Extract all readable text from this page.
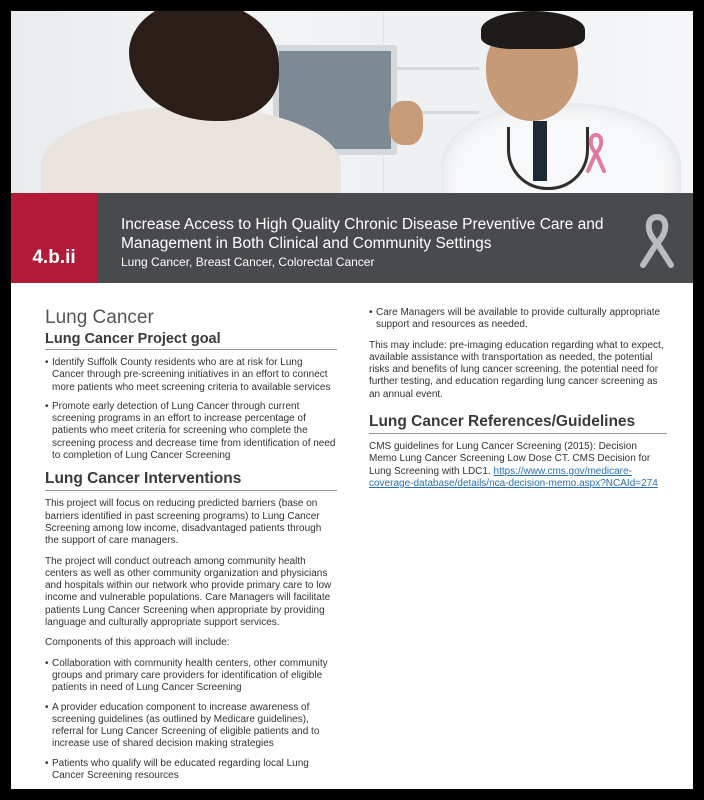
4.b.ii
Increase Access to High Quality Chronic Disease Preventive Care and Management in Both Clinical and Community Settings
Lung Cancer, Breast Cancer, Colorectal Cancer
Lung Cancer
Lung Cancer Project goal
• Identify Suffolk County residents who are at risk for Lung Cancer through pre-screening initiatives in an effort to connect more patients who meet screening criteria to available services
• Promote early detection of Lung Cancer through current screening programs in an effort to increase percentage of patients who meet criteria for screening who complete the screening process and decrease time from identification of need to completion of Lung Cancer Screening
Lung Cancer Interventions
This project will focus on reducing predicted barriers (base on barriers identified in past screening programs) to Lung Cancer Screening among low income, disadvantaged patients through the support of care managers.
The project will conduct outreach among community health centers as well as other community organization and physicians and hospitals within our network who provide primary care to low income and vulnerable populations. Care Managers will facilitate patients Lung Cancer Screening when appropriate by providing language and culturally appropriate support services.
Components of this approach will include:
• Collaboration with community health centers, other community groups and primary care providers for identification of eligible patients in need of Lung Cancer Screening
• A provider education component to increase awareness of screening guidelines (as outlined by Medicare guidelines), referral for Lung Cancer Screening of eligible patients and to increase use of shared decision making strategies
• Patients who qualify will be educated regarding local Lung Cancer Screening resources
• Care Managers will be available to provide culturally appropriate support and resources as needed.
This may include: pre-imaging education regarding what to expect, available assistance with transportation as needed, the potential risks and benefits of lung cancer screening, the potential need for further testing, and education regarding lung cancer screening as an annual event.
Lung Cancer References/Guidelines
CMS guidelines for Lung Cancer Screening (2015): Decision Memo Lung Cancer Screening Low Dose CT. CMS Decision for Lung Screening with LDC1. https://www.cms.gov/medicare-coverage-database/details/nca-decision-memo.aspx?NCAId=274
